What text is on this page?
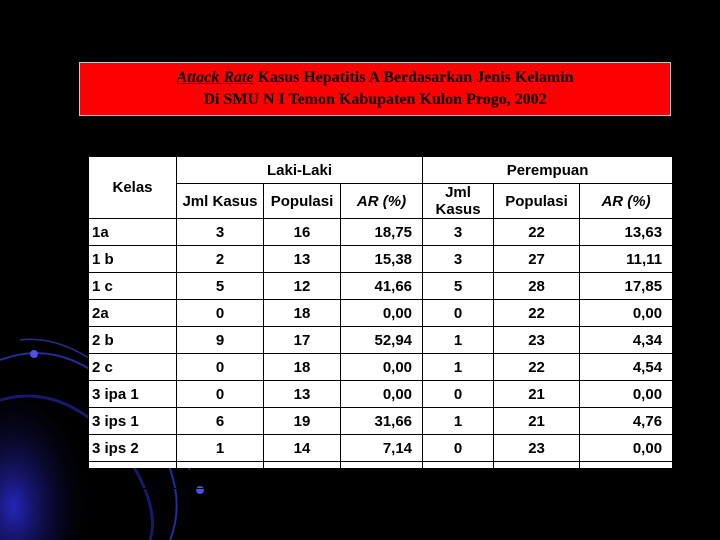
Attack Rate Kasus Hepatitis A Berdasarkan Jenis Kelamin
Di SMU N I Temon Kabupaten Kulon Progo, 2002
Kelas	Laki-Laki			Perempuan		
	Jml Kasus	Populasi	AR (%)	Jml Kasus	Populasi	AR (%)
1a	3	16	18,75	3	22	13,63
1 b	2	13	15,38	3	27	11,11
1 c	5	12	41,66	5	28	17,85
2a	0	18	0,00	0	22	0,00
2 b	9	17	52,94	1	23	4,34
2 c	0	18	0,00	1	22	4,54
3 ipa 1	0	13	0,00	0	21	0,00
3 ips 1	6	19	31,66	1	21	4,76
3 ips 2	1	14	7,14	0	23	0,00
Total	26	140	18,57	14	209	6,69
